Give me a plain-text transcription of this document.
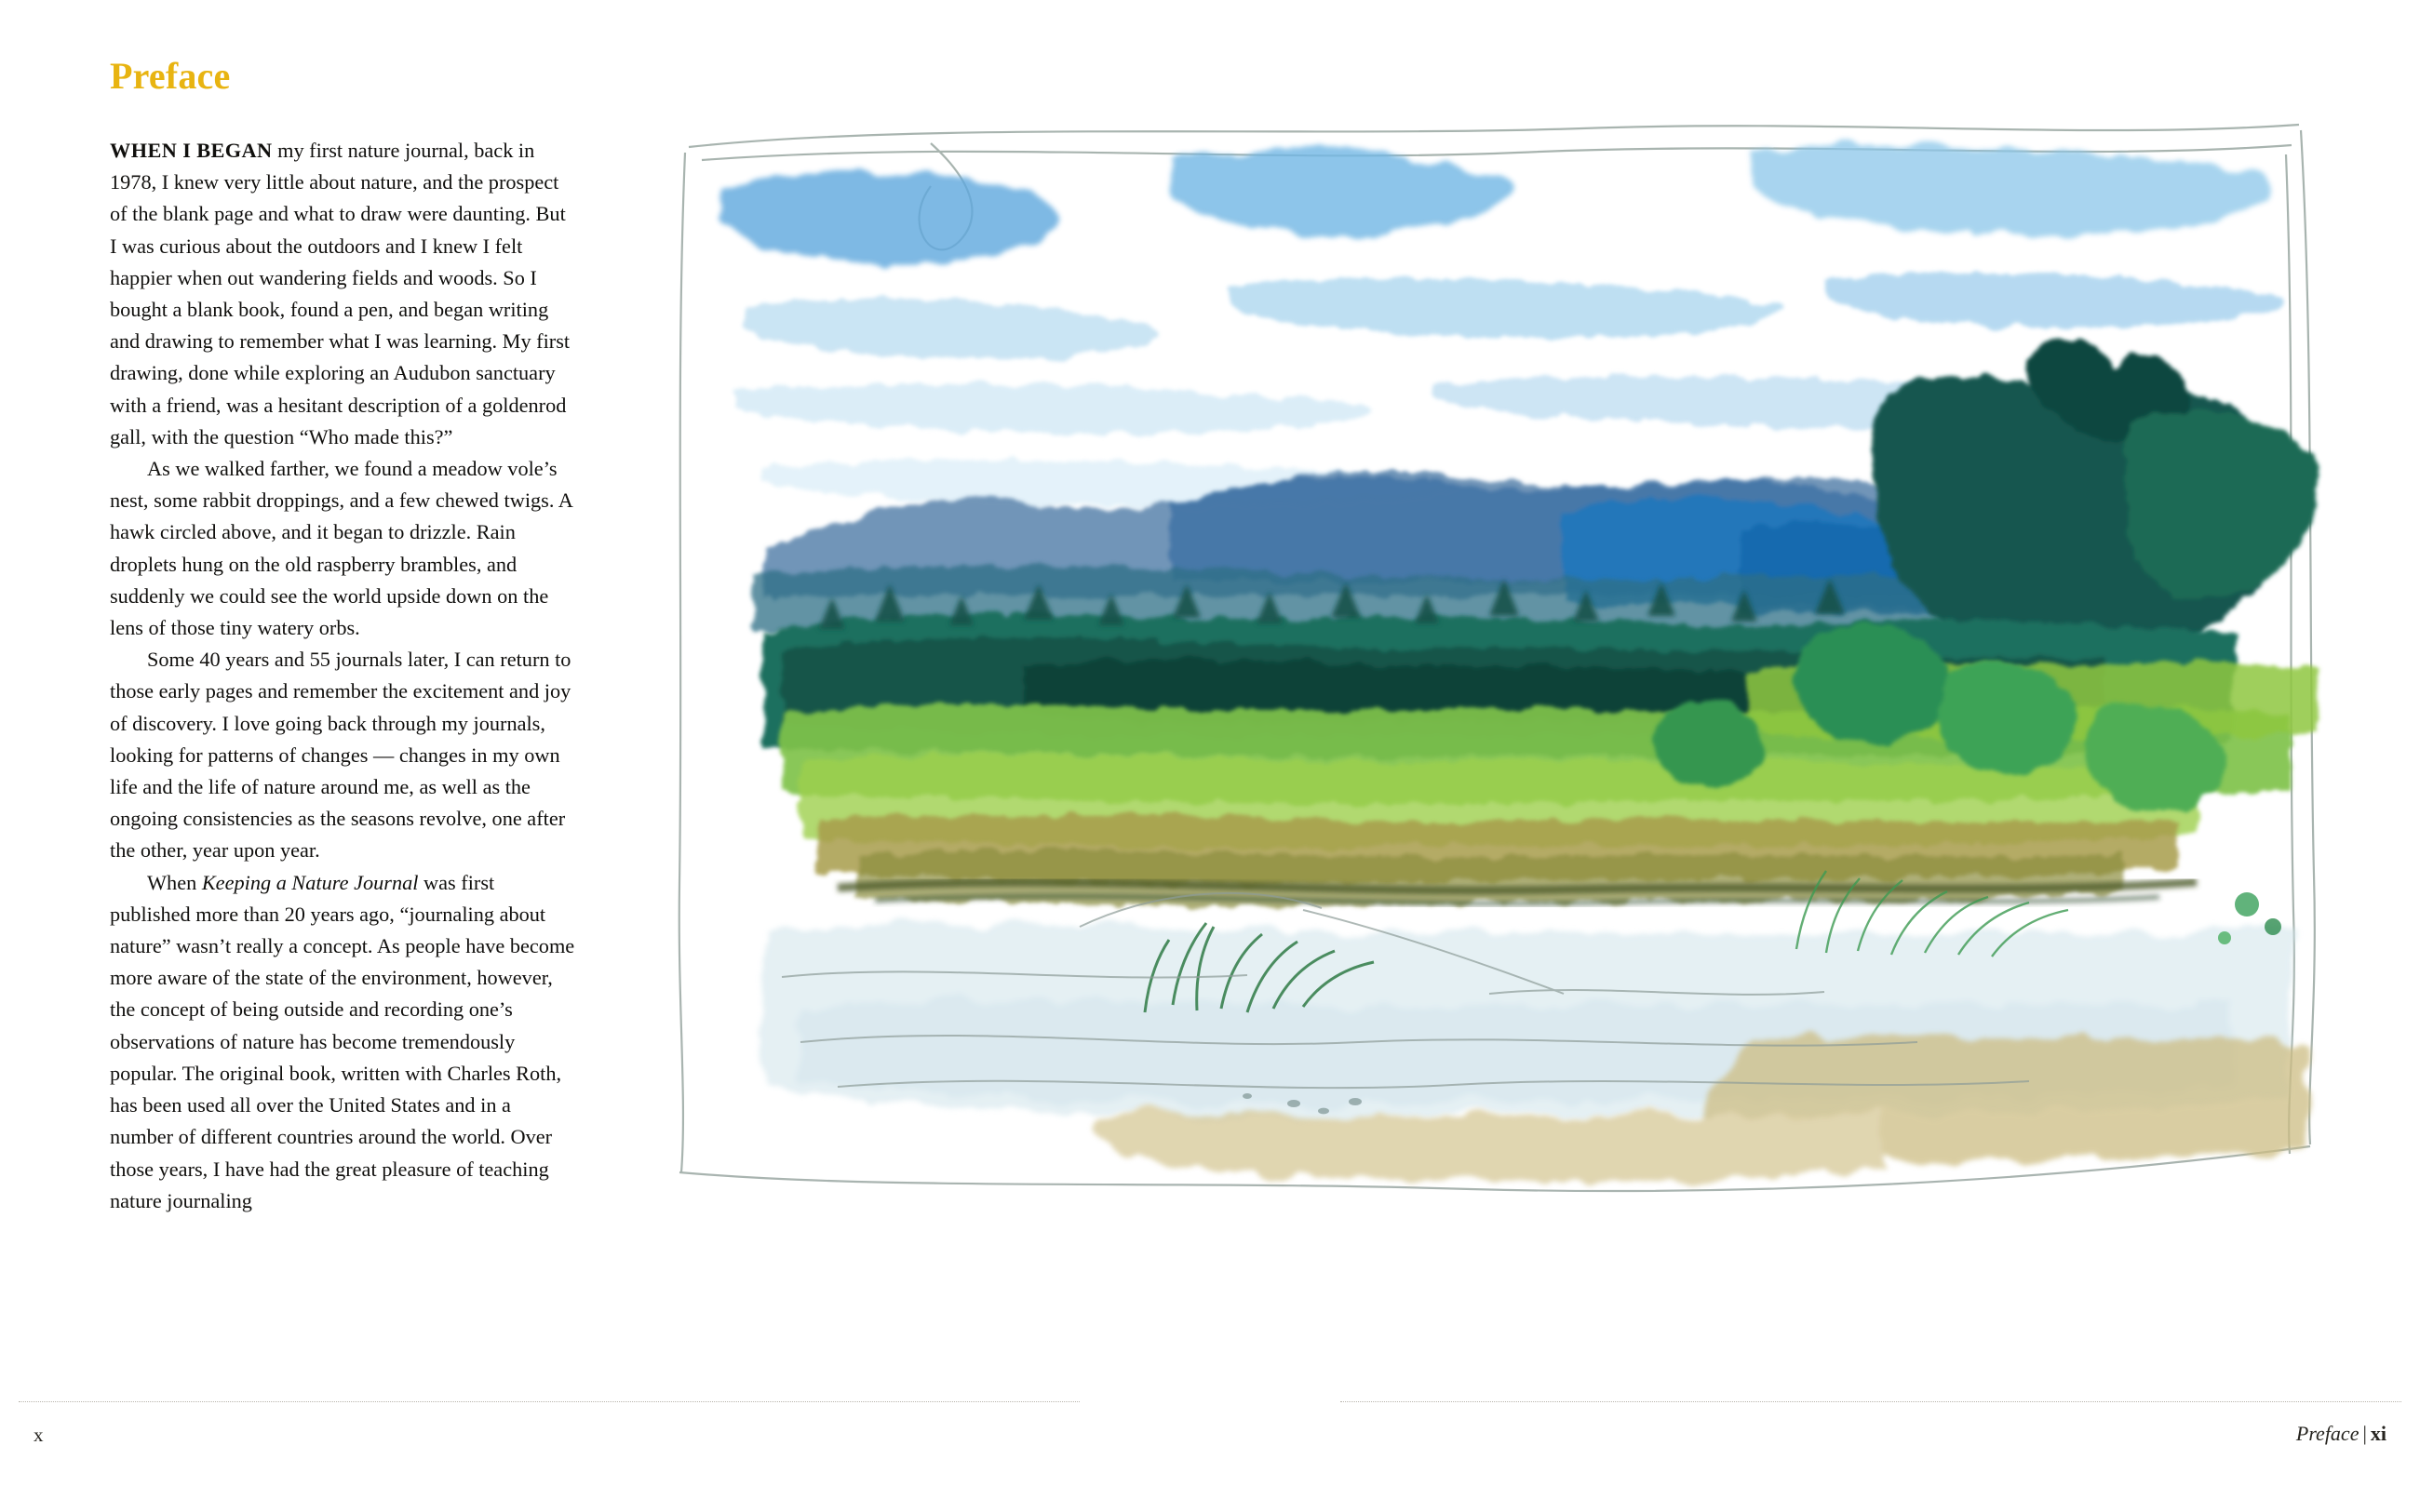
Preface

WHEN I BEGAN my first nature journal, back in 1978, I knew very little about nature, and the prospect of the blank page and what to draw were daunting. But I was curious about the outdoors and I knew I felt happier when out wandering fields and woods. So I bought a blank book, found a pen, and began writing and drawing to remember what I was learning. My first drawing, done while exploring an Audubon sanctuary with a friend, was a hesitant description of a goldenrod gall, with the question “Who made this?”

As we walked farther, we found a meadow vole’s nest, some rabbit droppings, and a few chewed twigs. A hawk circled above, and it began to drizzle. Rain droplets hung on the old raspberry brambles, and suddenly we could see the world upside down on the lens of those tiny watery orbs.

Some 40 years and 55 journals later, I can return to those early pages and remember the excitement and joy of discovery. I love going back through my journals, looking for patterns of changes — changes in my own life and the life of nature around me, as well as the ongoing consistencies as the seasons revolve, one after the other, year upon year.

When Keeping a Nature Journal was first published more than 20 years ago, “journaling about nature” wasn’t really a concept. As people have become more aware of the state of the environment, however, the concept of being outside and recording one’s observations of nature has become tremendously popular. The original book, written with Charles Roth, has been used all over the United States and in a number of different countries around the world. Over those years, I have had the great pleasure of teaching nature journaling

x	Preface | xi
